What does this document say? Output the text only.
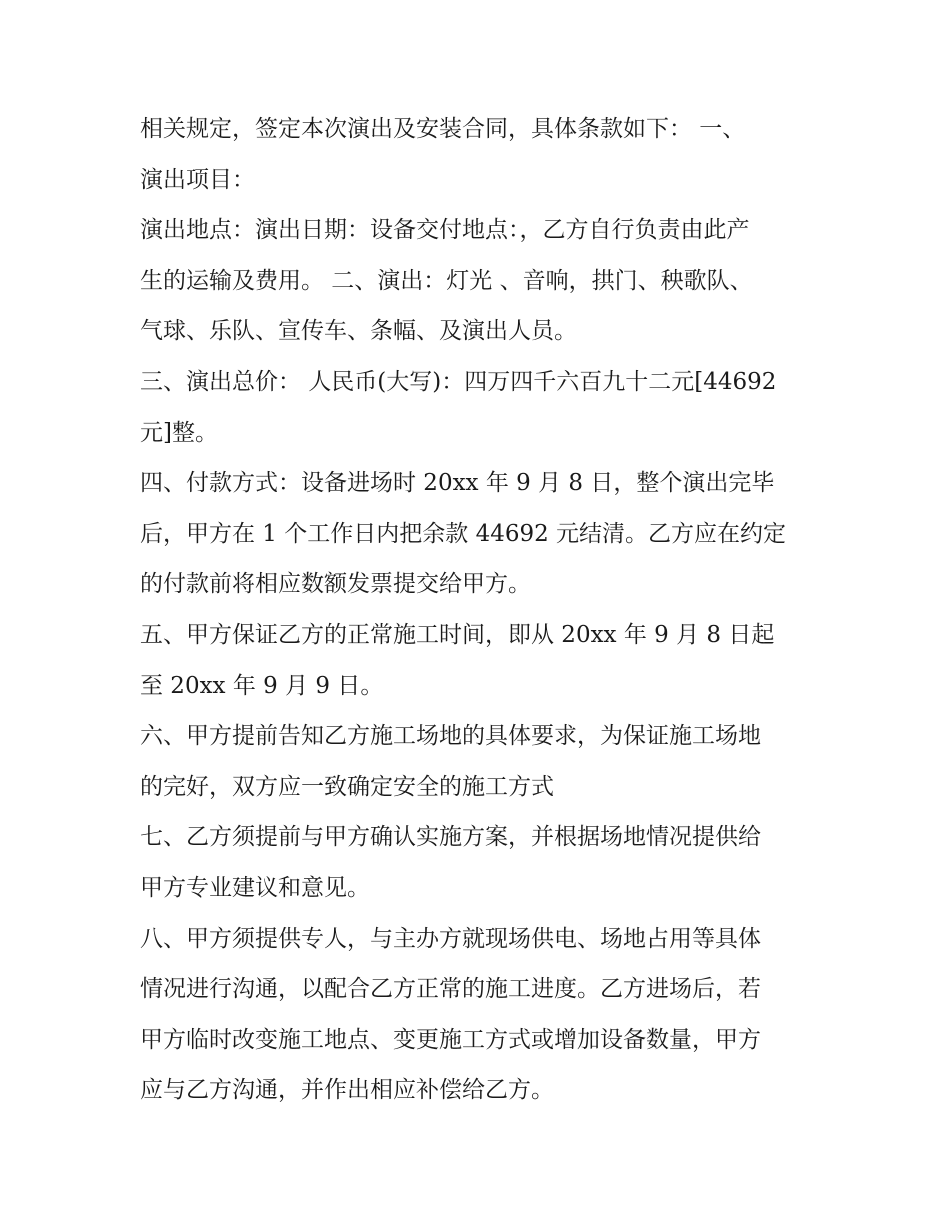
相关规定，签定本次演出及安装合同，具体条款如下： 一、
演出项目：
演出地点：演出日期：设备交付地点：，乙方自行负责由此产
生的运输及费用。 二、演出：灯光 、音响，拱门、秧歌队、
气球、乐队、宣传车、条幅、及演出人员。
三、演出总价： 人民币(大写)：四万四千六百九十二元[44692
元]整。
四、付款方式：设备进场时 20xx 年 9 月 8 日，整个演出完毕
后，甲方在 1 个工作日内把余款 44692 元结清。乙方应在约定
的付款前将相应数额发票提交给甲方。
五、甲方保证乙方的正常施工时间，即从 20xx 年 9 月 8 日起
至 20xx 年 9 月 9 日。
六、甲方提前告知乙方施工场地的具体要求，为保证施工场地
的完好，双方应一致确定安全的施工方式
七、乙方须提前与甲方确认实施方案，并根据场地情况提供给
甲方专业建议和意见。
八、甲方须提供专人，与主办方就现场供电、场地占用等具体
情况进行沟通，以配合乙方正常的施工进度。乙方进场后，若
甲方临时改变施工地点、变更施工方式或增加设备数量，甲方
应与乙方沟通，并作出相应补偿给乙方。
